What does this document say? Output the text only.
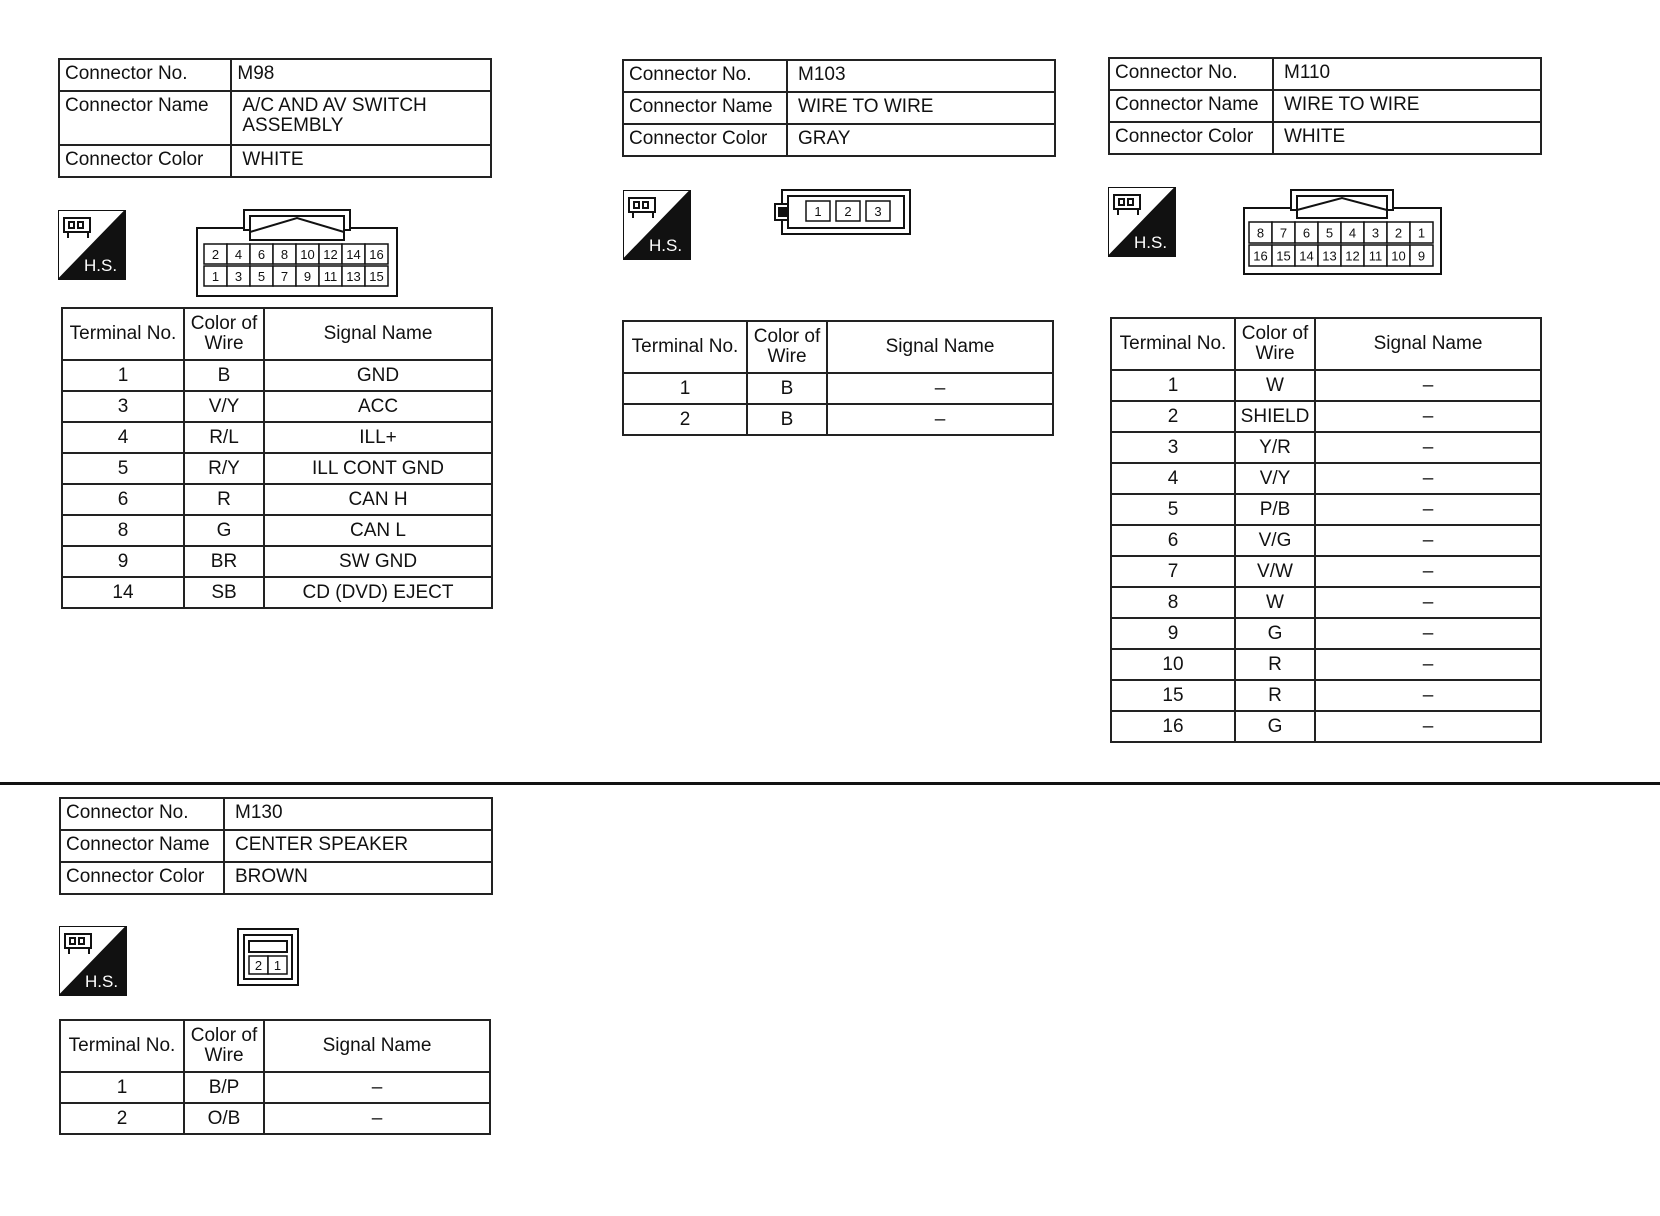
Connector No.	M98
Connector Name	A/C AND AV SWITCH ASSEMBLY
Connector Color	WHITE
H.S.
2 4 6 8 10 12 14 16
1 3 5 7 9 11 13 15
Terminal No.	Color of Wire	Signal Name
1	B	GND
3	V/Y	ACC
4	R/L	ILL+
5	R/Y	ILL CONT GND
6	R	CAN H
8	G	CAN L
9	BR	SW GND
14	SB	CD (DVD) EJECT
Connector No.	M103
Connector Name	WIRE TO WIRE
Connector Color	GRAY
H.S.
1 2 3
Terminal No.	Color of Wire	Signal Name
1	B	–
2	B	–
Connector No.	M110
Connector Name	WIRE TO WIRE
Connector Color	WHITE
H.S.	8 7 6 5 4 3 2 1
16 15 14 13 12 11 10 9
Terminal No.	Color of Wire	Signal Name
1	W	–
2	SHIELD	–
3	Y/R	–
4	V/Y	–
5	P/B	–
6	V/G	–
7	V/W	–
8	W	–
9	G	–
10	R	–
15	R	–
16	G	–
Connector No.	M130
Connector Name	CENTER SPEAKER
Connector Color	BROWN
H.S.
2 1
Terminal No.	Color of Wire	Signal Name
1	B/P	–
2	O/B	–
